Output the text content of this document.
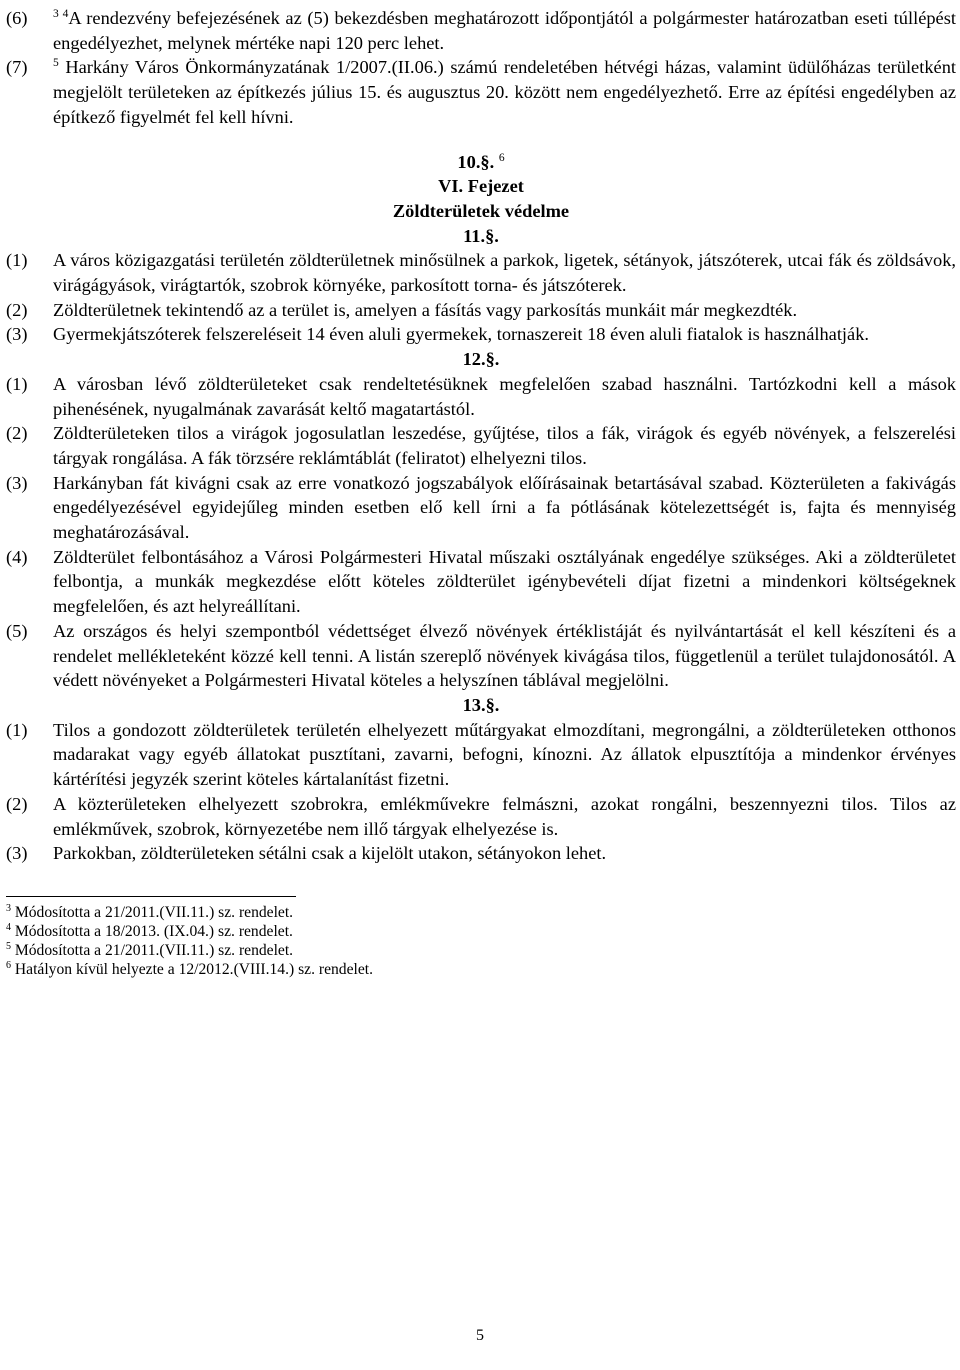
(6)	$^{3 4}$A rendezvény befejezésének az (5) bekezdésben meghatározott időpontjától a polgármester határozatban eseti túllépést engedélyezhet, melynek mértéke napi 120 perc lehet.
(7)	$^5$ Harkány Város Önkormányzatának 1/2007.(II.06.) számú rendeletében hétvégi házas, valamint üdülőházas területként megjelölt területeken az építkezés július 15. és augusztus 20. között nem engedélyezhető. Erre az építési engedélyben az építkező figyelmét fel kell hívni.
10.§. $^6$
VI. Fejezet
Zöldterületek védelme
11.§.
(1)	A város közigazgatási területén zöldterületnek minősülnek a parkok, ligetek, sétányok, játszóterek, utcai fák és zöldsávok, virágágyások, virágtartók, szobrok környéke, parkosított torna- és játszóterek.
(2)	Zöldterületnek tekintendő az a terület is, amelyen a fásítás vagy parkosítás munkáit már megkezdték.
(3)	Gyermekjátszóterek felszereléseit 14 éven aluli gyermekek, tornaszereit 18 éven aluli fiatalok is használhatják.
12.§.
(1)	A városban lévő zöldterületeket csak rendeltetésüknek megfelelően szabad használni. Tartózkodni kell a mások pihenésének, nyugalmának zavarását keltő magatartástól.
(2)	Zöldterületeken tilos a virágok jogosulatlan leszedése, gyűjtése, tilos a fák, virágok és egyéb növények, a felszerelési tárgyak rongálása. A fák törzsére reklámtáblát (feliratot) elhelyezni tilos.
(3)	Harkányban fát kivágni csak az erre vonatkozó jogszabályok előírásainak betartásával szabad. Közterületen a fakivágás engedélyezésével egyidejűleg minden esetben elő kell írni a fa pótlásának kötelezettségét is, fajta és mennyiség meghatározásával.
(4)	Zöldterület felbontásához a Városi Polgármesteri Hivatal műszaki osztályának engedélye szükséges. Aki a zöldterületet felbontja, a munkák megkezdése előtt köteles zöldterület igénybevételi díjat fizetni a mindenkori költségeknek megfelelően, és azt helyreállítani.
(5)	Az országos és helyi szempontból védettséget élvező növények értéklistáját és nyilvántartását el kell készíteni és a rendelet mellékleteként közzé kell tenni. A listán szereplő növények kivágása tilos, függetlenül a terület tulajdonosától. A védett növényeket a Polgármesteri Hivatal köteles a helyszínen táblával megjelölni.
13.§.
(1)	Tilos a gondozott zöldterületek területén elhelyezett műtárgyakat elmozdítani, megrongálni, a zöldterületeken otthonos madarakat vagy egyéb állatokat pusztítani, zavarni, befogni, kínozni. Az állatok elpusztítója a mindenkor érvényes kártérítési jegyzék szerint köteles kártalanítást fizetni.
(2)	A közterületeken elhelyezett szobrokra, emlékművekre felmászni, azokat rongálni, beszennyezni tilos. Tilos az emlékművek, szobrok, környezetébe nem illő tárgyak elhelyezése is.
(3)	Parkokban, zöldterületeken sétálni csak a kijelölt utakon, sétányokon lehet.
$^3$ Módosította a 21/2011.(VII.11.) sz. rendelet.
$^4$ Módosította a 18/2013. (IX.04.) sz. rendelet.
$^5$ Módosította a 21/2011.(VII.11.) sz. rendelet.
$^6$ Hatályon kívül helyezte a 12/2012.(VIII.14.) sz. rendelet.
5
